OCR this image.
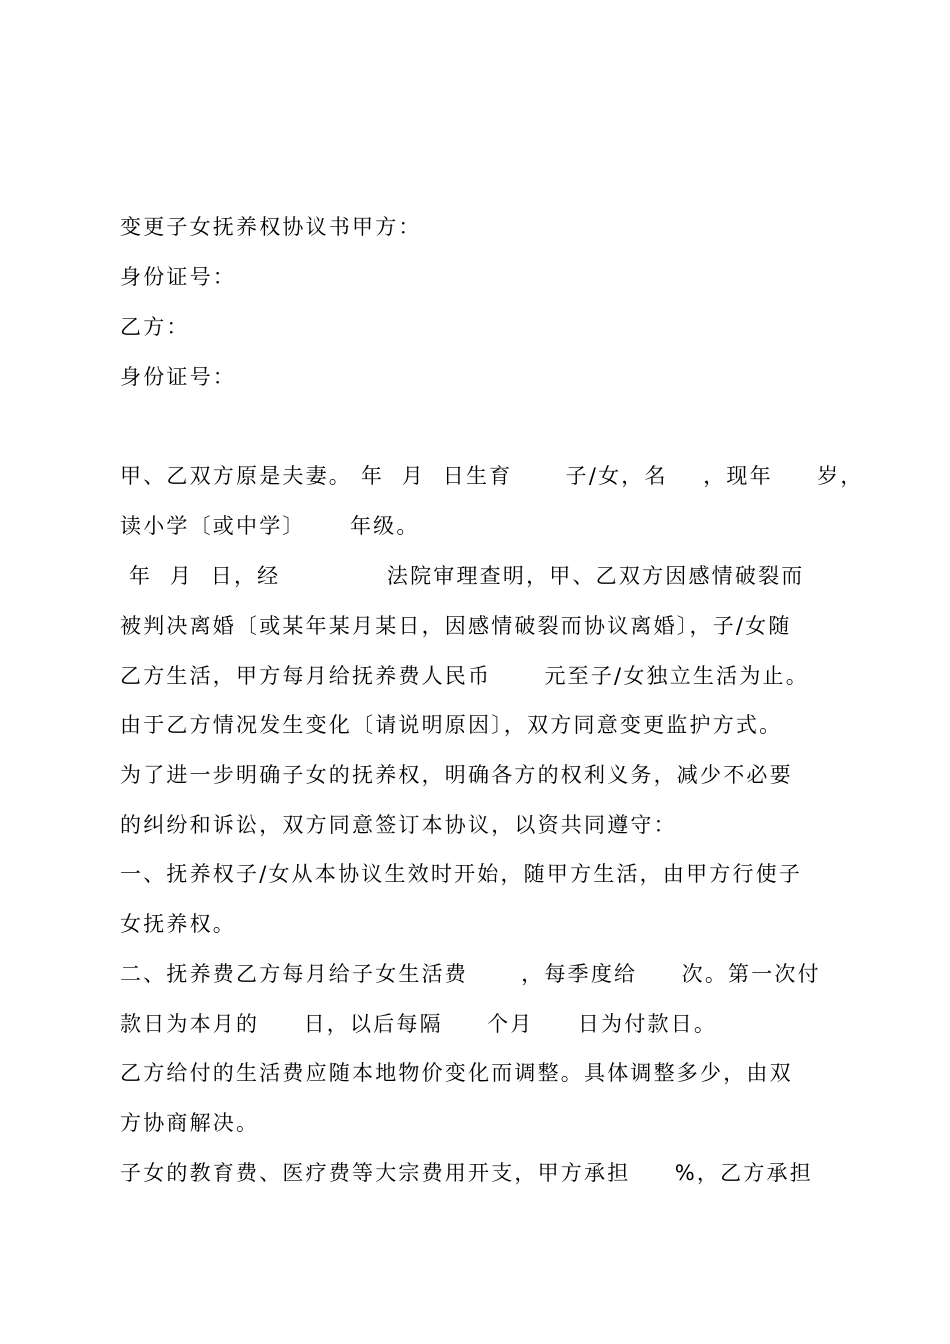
变更子女抚养权协议书甲方：
身份证号：
乙方：
身份证号：
甲、乙双方原是夫妻。 年  月  日生育      子/女，名    ，现年     岁，
读小学〔或中学〕     年级。
年  月  日，经            法院审理查明，甲、乙双方因感情破裂而
被判决离婚〔或某年某月某日，因感情破裂而协议离婚〕，子/女随
乙方生活，甲方每月给抚养费人民币      元至子/女独立生活为止。
由于乙方情况发生变化〔请说明原因〕，双方同意变更监护方式。
为了进一步明确子女的抚养权，明确各方的权利义务，减少不必要
的纠纷和诉讼，双方同意签订本协议，以资共同遵守：
一、抚养权子/女从本协议生效时开始，随甲方生活，由甲方行使子
女抚养权。
二、抚养费乙方每月给子女生活费      ，每季度给     次。第一次付
款日为本月的     日，以后每隔     个月     日为付款日。
乙方给付的生活费应随本地物价变化而调整。具体调整多少，由双
方协商解决。
子女的教育费、医疗费等大宗费用开支，甲方承担     %，乙方承担
